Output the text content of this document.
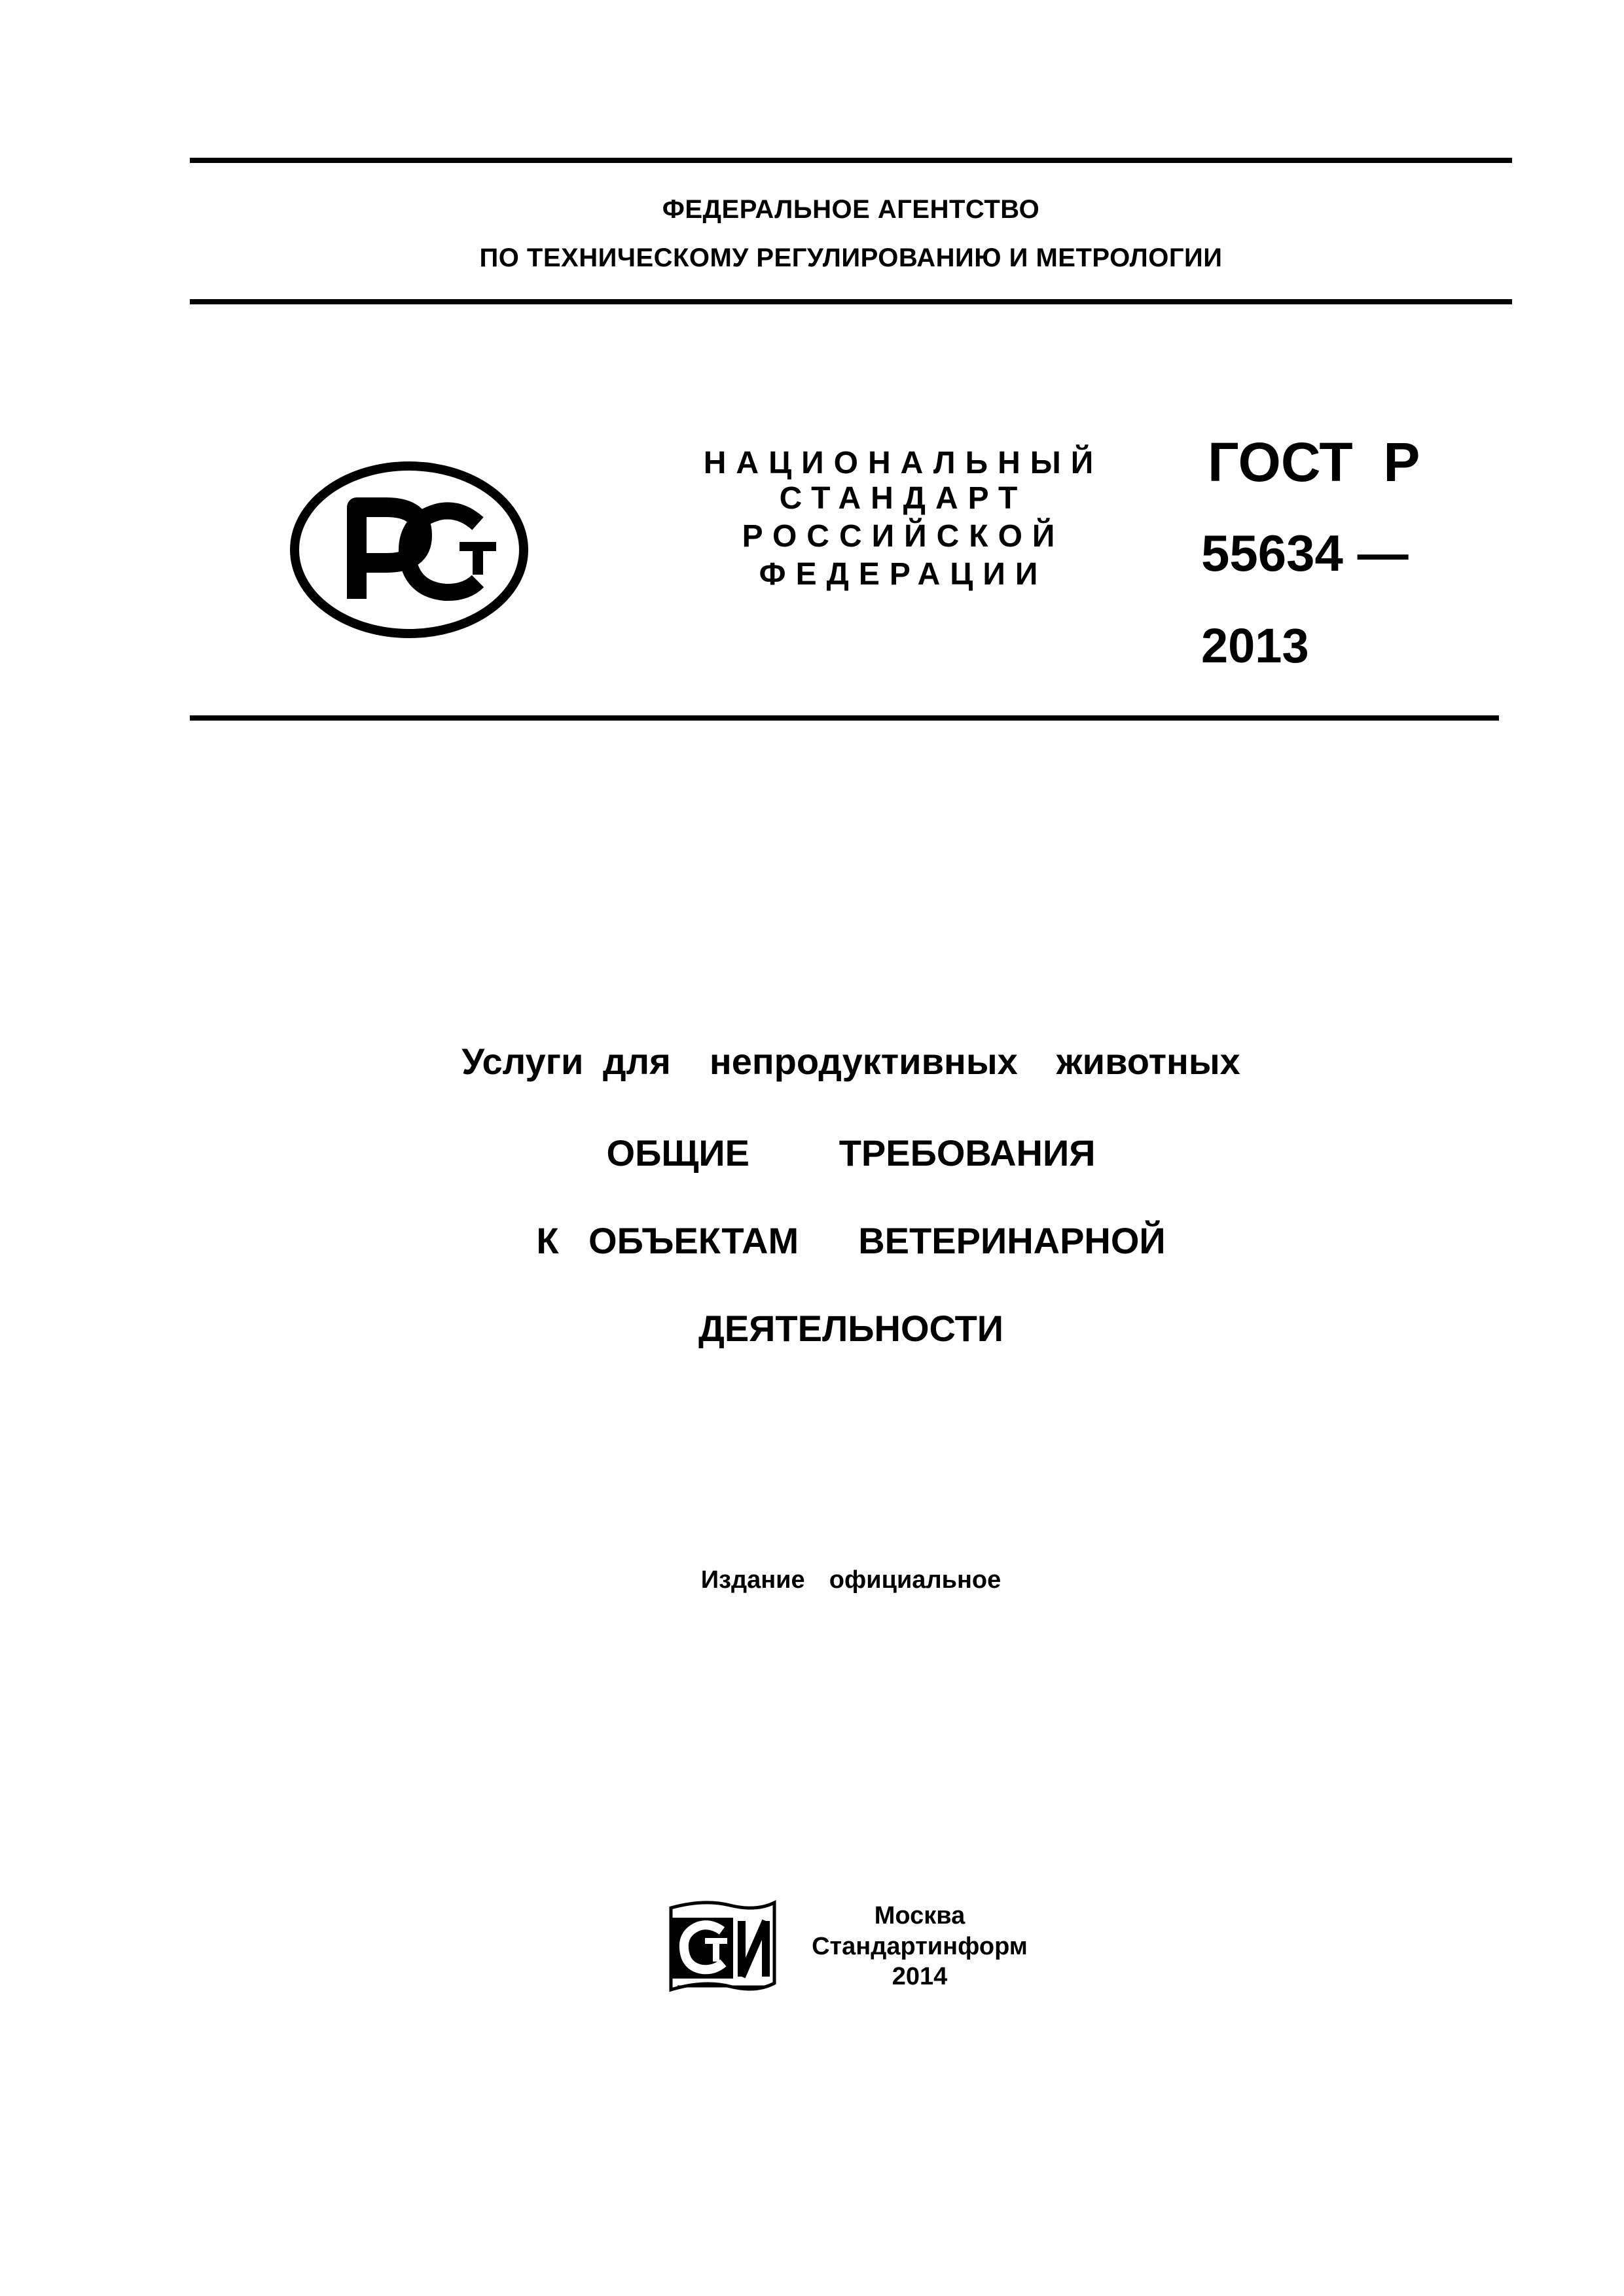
ФЕДЕРАЛЬНОЕ АГЕНТСТВО
ПО ТЕХНИЧЕСКОМУ РЕГУЛИРОВАНИЮ И МЕТРОЛОГИИ
НАЦИОНАЛЬНЫЙ
СТАНДАРТ
РОССИЙСКОЙ
ФЕДЕРАЦИИ
ГОСТ  Р
55634 —
2013
Услуги для  непродуктивных  животных
ОБЩИЕ   ТРЕБОВАНИЯ
К ОБЪЕКТАМ  ВЕТЕРИНАРНОЙ
ДЕЯТЕЛЬНОСТИ
Издание  официальное
Москва
Стандартинформ
2014
